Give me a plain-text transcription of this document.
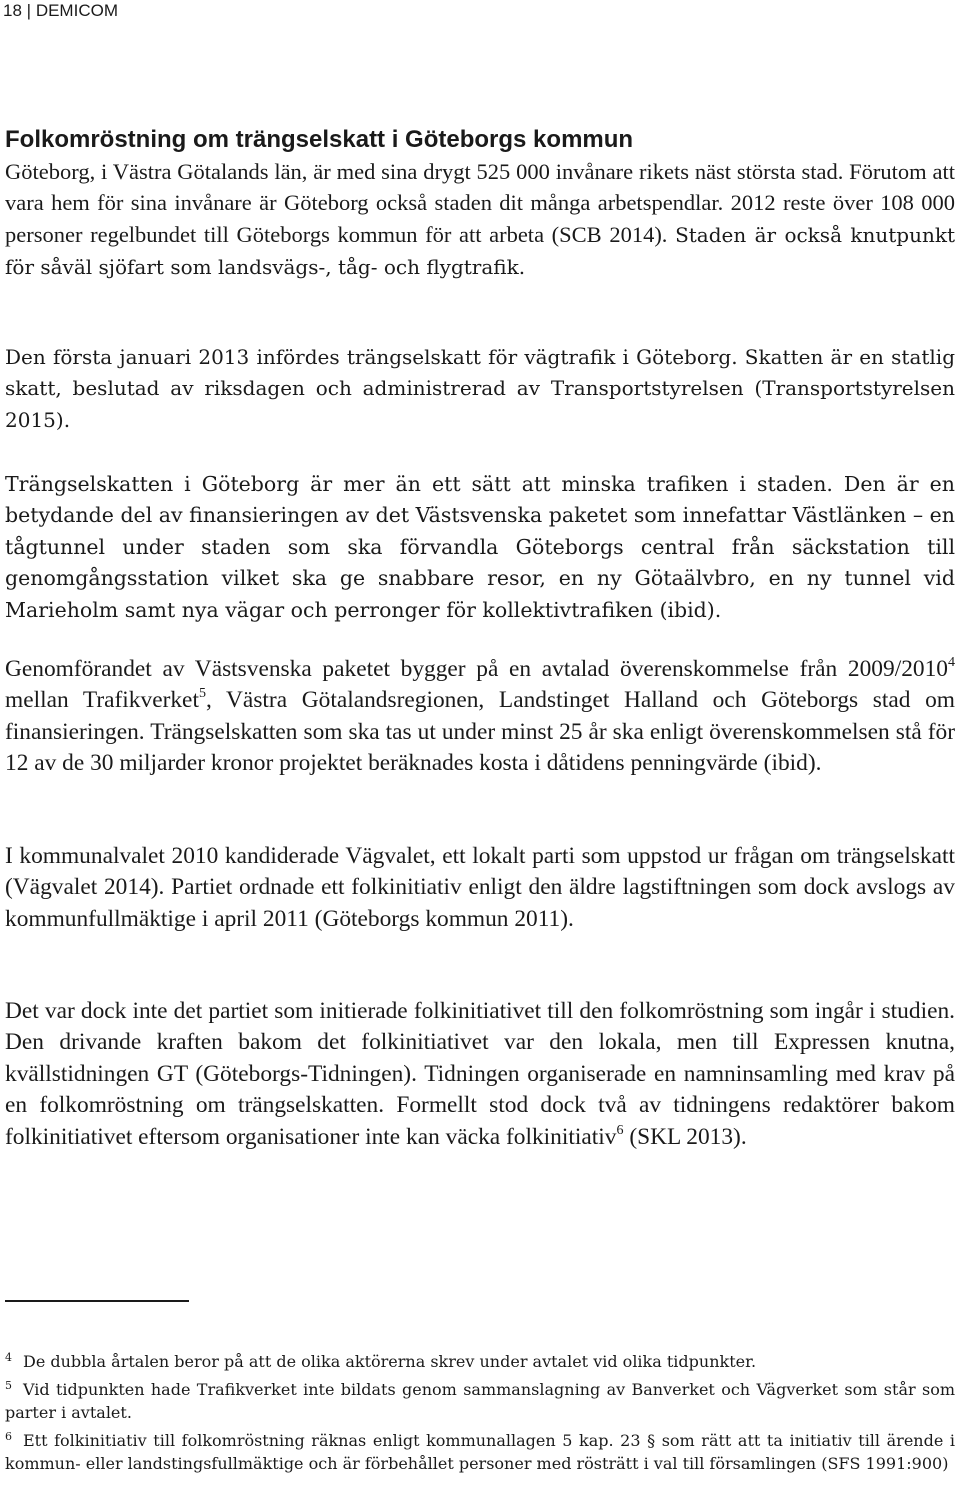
18 | DEMICOM
Folkomröstning om trängselskatt i Göteborgs kommun

Göteborg, i Västra Götalands län, är med sina drygt 525 000 invånare rikets näst största stad. Förutom att vara hem för sina invånare är Göteborg också staden dit många arbetspendlar. 2012 reste över 108 000 personer regelbundet till Göteborgs kommun för att arbeta (SCB 2014). Staden är också knutpunkt för såväl sjöfart som landsvägs-, tåg- och flygtrafik.

Den första januari 2013 infördes trängselskatt för vägtrafik i Göteborg. Skatten är en statlig skatt, beslutad av riksdagen och administrerad av Transportstyrelsen (Transportstyrelsen 2015).

Trängselskatten i Göteborg är mer än ett sätt att minska trafiken i staden. Den är en betydande del av finansieringen av det Västsvenska paketet som innefattar Västlänken – en tågtunnel under staden som ska förvandla Göteborgs central från säckstation till genomgångsstation vilket ska ge snabbare resor, en ny Götaälvbro, en ny tunnel vid Marieholm samt nya vägar och perronger för kollektivtrafiken (ibid).

Genomförandet av Västsvenska paketet bygger på en avtalad överenskommelse från 2009/2010$^4$ mellan Trafikverket$^5$, Västra Götalandsregionen, Landstinget Halland och Göteborgs stad om finansieringen. Trängselskatten som ska tas ut under minst 25 år ska enligt överenskommelsen stå för 12 av de 30 miljarder kronor projektet beräknades kosta i dåtidens penningvärde (ibid).

I kommunalvalet 2010 kandiderade Vägvalet, ett lokalt parti som uppstod ur frågan om trängselskatt (Vägvalet 2014). Partiet ordnade ett folkinitiativ enligt den äldre lagstiftningen som dock avslogs av kommunfullmäktige i april 2011 (Göteborgs kommun 2011).

Det var dock inte det partiet som initierade folkinitiativet till den folkomröstning som ingår i studien. Den drivande kraften bakom det folkinitiativet var den lokala, men till Expressen knutna, kvällstidningen GT (Göteborgs-Tidningen). Tidningen organiserade en namninsamling med krav på en folkomröstning om trängselskatten. Formellt stod dock två av tidningens redaktörer bakom folkinitiativet eftersom organisationer inte kan väcka folkinitiativ$^6$ (SKL 2013).

4 De dubbla årtalen beror på att de olika aktörerna skrev under avtalet vid olika tidpunkter.

5 Vid tidpunkten hade Trafikverket inte bildats genom sammanslagning av Banverket och Vägverket som står som parter i avtalet.

6 Ett folkinitiativ till folkomröstning räknas enligt kommunallagen 5 kap. 23 § som rätt att ta initiativ till ärende i kommun- eller landstingsfullmäktige och är förbehållet personer med rösträtt i val till församlingen (SFS 1991:900)
